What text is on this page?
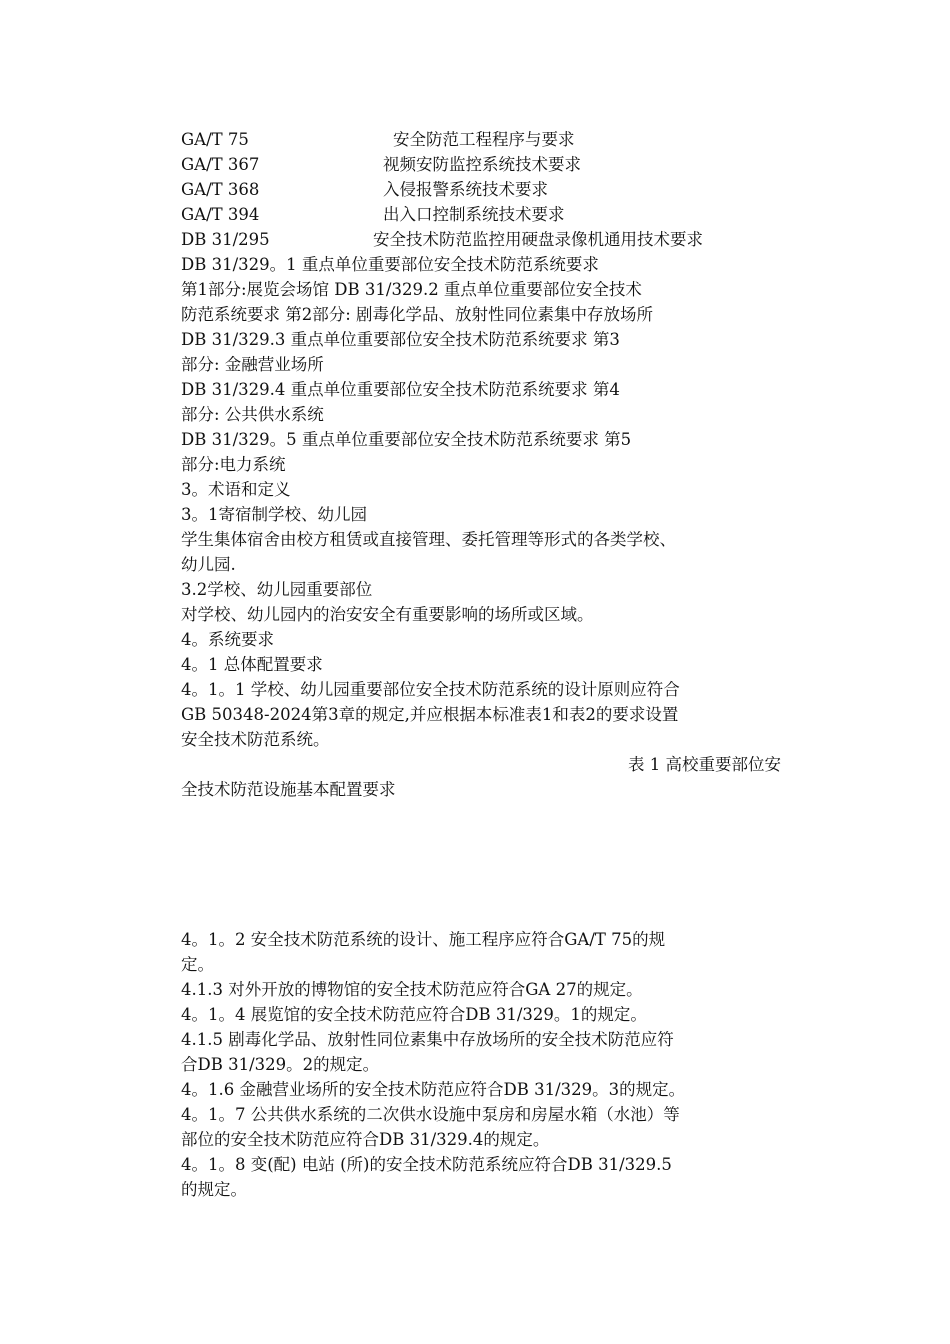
GA/T 75	安全防范工程程序与要求
GA/T 367	视频安防监控系统技术要求
GA/T 368	入侵报警系统技术要求
GA/T 394	出入口控制系统技术要求
DB 31/295	安全技术防范监控用硬盘录像机通用技术要求
DB 31/329。1 重点单位重要部位安全技术防范系统要求
第1部分:展览会场馆 DB 31/329.2 重点单位重要部位安全技术
防范系统要求 第2部分: 剧毒化学品、放射性同位素集中存放场所
DB 31/329.3 重点单位重要部位安全技术防范系统要求 第3
部分: 金融营业场所
DB 31/329.4 重点单位重要部位安全技术防范系统要求 第4
部分: 公共供水系统
DB 31/329。5 重点单位重要部位安全技术防范系统要求 第5
部分:电力系统
3。术语和定义
3。1寄宿制学校、幼儿园
学生集体宿舍由校方租赁或直接管理、委托管理等形式的各类学校、
幼儿园.
3.2学校、幼儿园重要部位
对学校、幼儿园内的治安安全有重要影响的场所或区域。
4。系统要求
4。1 总体配置要求
4。1。1 学校、幼儿园重要部位安全技术防范系统的设计原则应符合
GB 50348-2024第3章的规定,并应根据本标准表1和表2的要求设置
安全技术防范系统。
表 1 高校重要部位安
全技术防范设施基本配置要求
4。1。2 安全技术防范系统的设计、施工程序应符合GA/T 75的规
定。
4.1.3 对外开放的博物馆的安全技术防范应符合GA 27的规定。
4。1。4 展览馆的安全技术防范应符合DB 31/329。1的规定。
4.1.5 剧毒化学品、放射性同位素集中存放场所的安全技术防范应符
合DB 31/329。2的规定。
4。1.6 金融营业场所的安全技术防范应符合DB 31/329。3的规定。
4。1。7 公共供水系统的二次供水设施中泵房和房屋水箱（水池）等
部位的安全技术防范应符合DB 31/329.4的规定。
4。1。8 变(配) 电站 (所)的安全技术防范系统应符合DB 31/329.5
的规定。
